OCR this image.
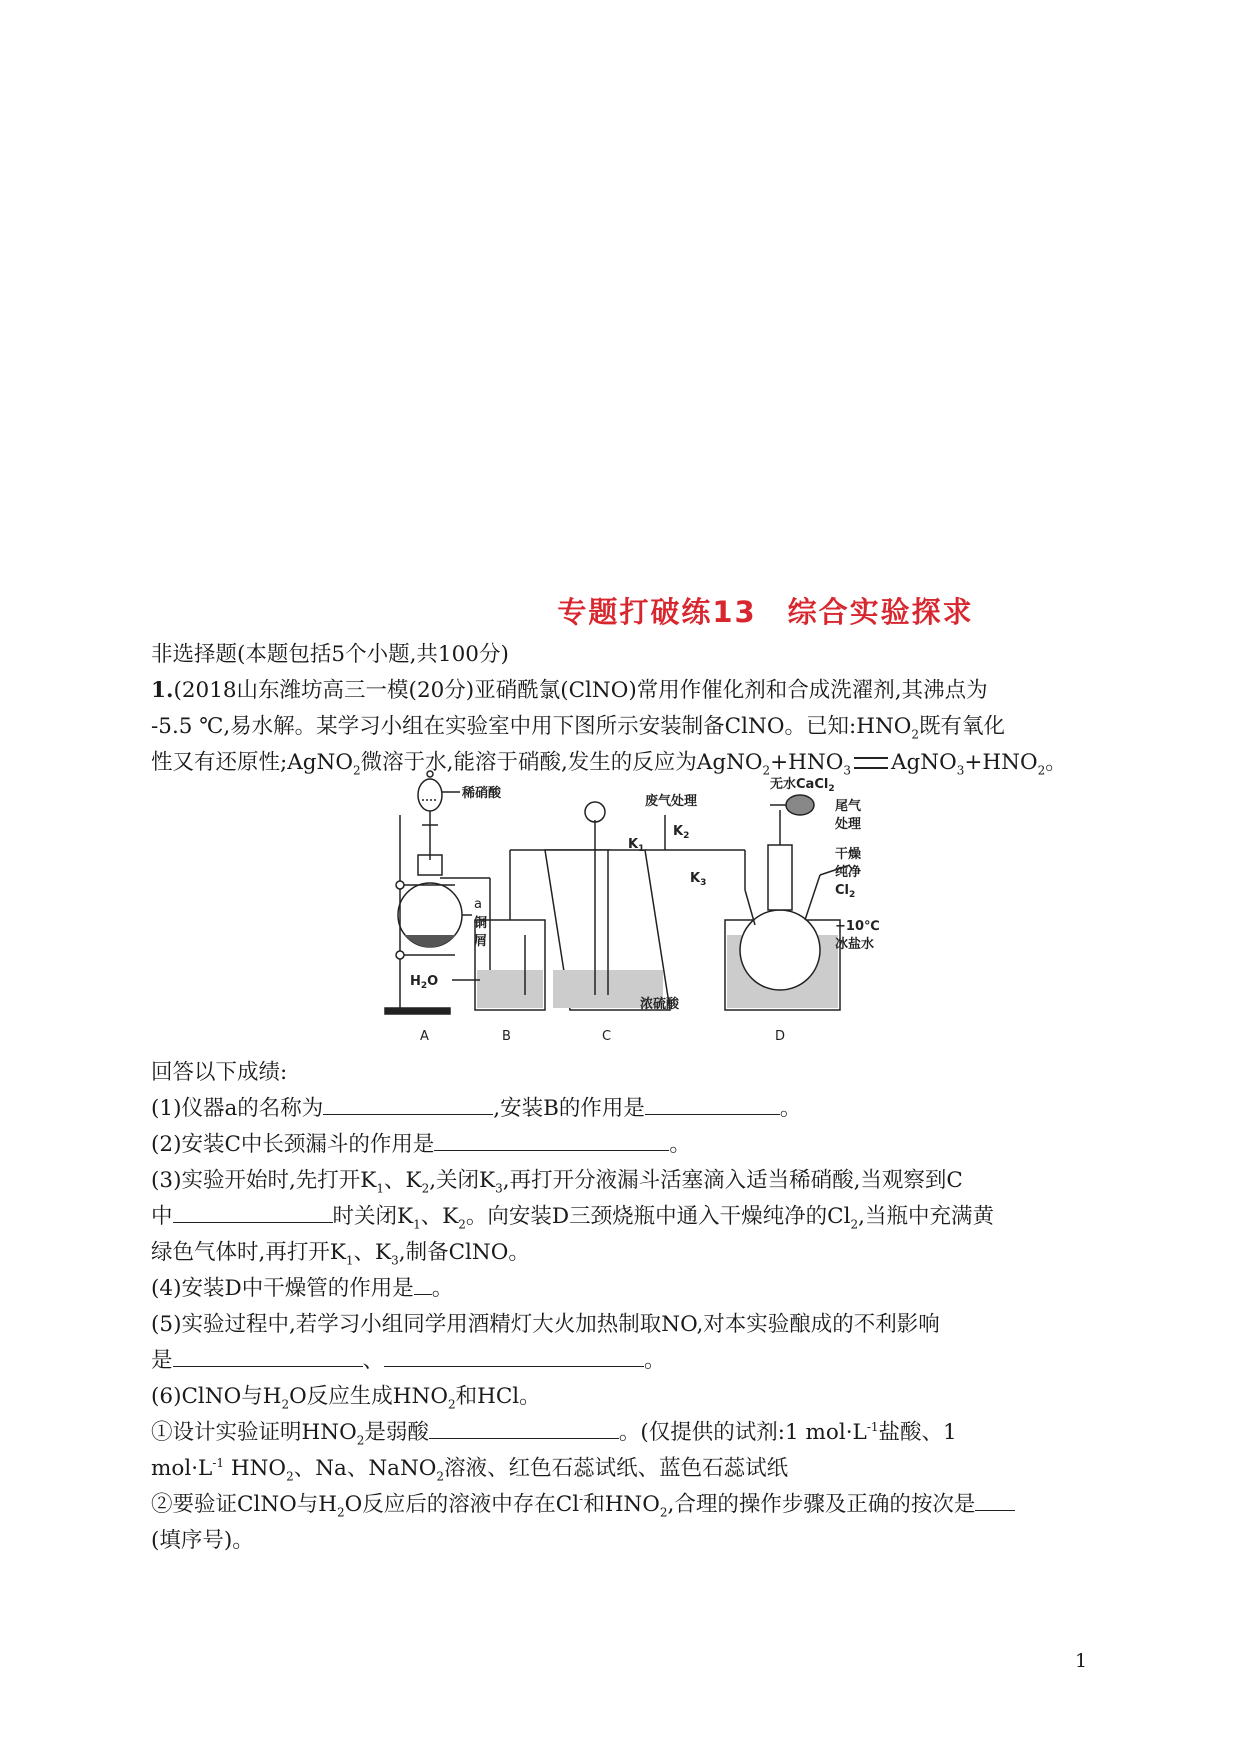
专题打破练13　综合实验探求
非选择题(本题包括5个小题,共100分)
1.(2018山东潍坊高三一模(20分)亚硝酰氯(ClNO)常用作催化剂和合成洗濯剂,其沸点为
-5.5 ℃,易水解。某学习小组在实验室中用下图所示安装制备ClNO。已知$:HNO_2$既有氧化
性又有还原性;AgNO$_2$微溶于水,能溶于硝酸,发生的反应为$AgNO_2+HNO_3$ $AgNO_3+HNO_2$。
a
铜
屑
稀硝酸
$H_2O$
浓硫酸
废气处理
$K_1$
$K_2$
$K_3$
无水CaCl$_2$
尾气
处理
干燥
纯净
$Cl_2$
−10℃
冰盐水
A	B	C	D
回答以下成绩:
(1)仪器a的名称为	,安装B的作用是	。
(2)安装C中长颈漏斗的作用是	。
(3)实验开始时,先打开$K_1$、$K_2$,关闭$K_3$,再打开分液漏斗活塞滴入适当稀硝酸,当观察到C
中	时关闭$K_1$、$K_2$。向安装D三颈烧瓶中通入干燥纯净的$Cl_2$,当瓶中充满黄
绿色气体时,再打开$K_1$、$K_3$,制备ClNO。
(4)安装D中干燥管的作用是 。
(5)实验过程中,若学习小组同学用酒精灯大火加热制取NO,对本实验酿成的不利影响
是	、	。
(6)ClNO与$H_2O$反应生成$HNO_2$和HCl。
①设计实验证明$HNO_2$是弱酸	。(仅提供的试剂:1 $mol\cdot L^{-1}$盐酸、1
$mol\cdot L^{-1}$ $HNO_2$、Na、NaNO$_2$溶液、红色石蕊试纸、蓝色石蕊试纸
②要验证ClNO与$H_2O$反应后的溶液中存在Cl-和$HNO_2$,合理的操作步骤及正确的按次是
(填序号)。
1
